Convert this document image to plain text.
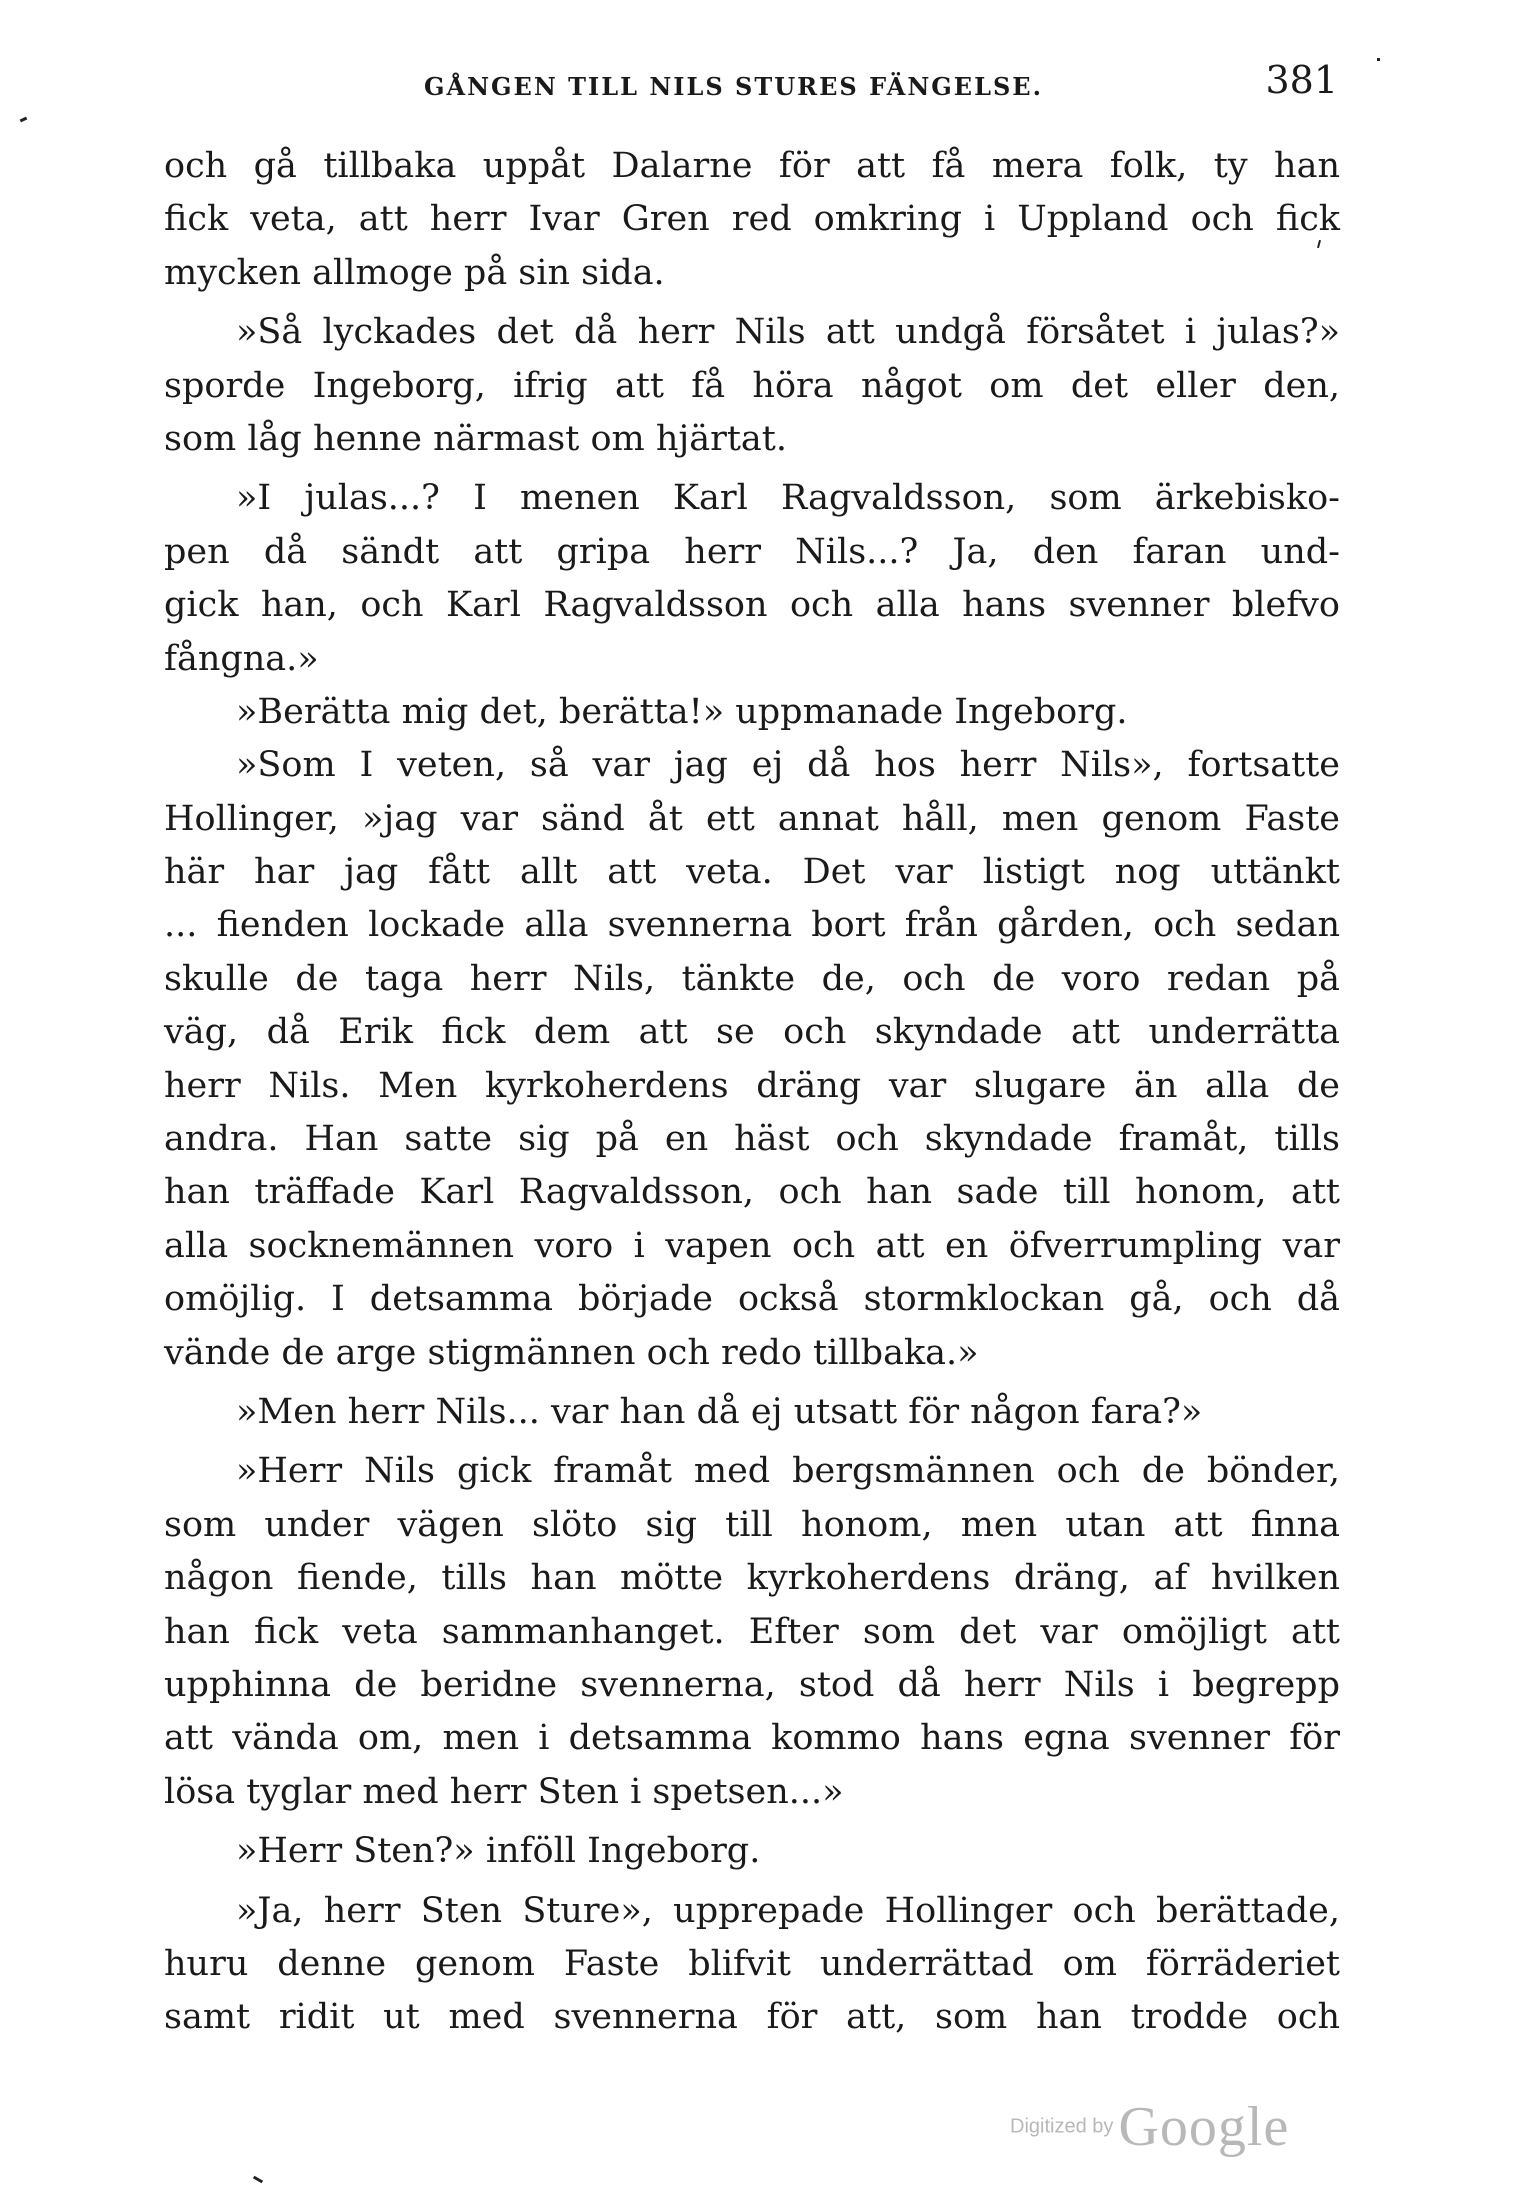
GÅNGEN TILL NILS STURES FÄNGELSE.	381
och gå tillbaka uppåt Dalarne för att få mera folk, ty han
fick veta, att herr Ivar Gren red omkring i Uppland och fick
mycken allmoge på sin sida.
»Så lyckades det då herr Nils att undgå försåtet i julas?»
sporde Ingeborg, ifrig att få höra något om det eller den,
som låg henne närmast om hjärtat.
»I julas...? I menen Karl Ragvaldsson, som ärkebisko-
pen då sändt att gripa herr Nils...? Ja, den faran und-
gick han, och Karl Ragvaldsson och alla hans svenner blefvo
fångna.»
»Berätta mig det, berätta!» uppmanade Ingeborg.
»Som I veten, så var jag ej då hos herr Nils», fortsatte
Hollinger, »jag var sänd åt ett annat håll, men genom Faste
här har jag fått allt att veta. Det var listigt nog uttänkt
... fienden lockade alla svennerna bort från gården, och sedan
skulle de taga herr Nils, tänkte de, och de voro redan på
väg, då Erik fick dem att se och skyndade att underrätta
herr Nils. Men kyrkoherdens dräng var slugare än alla de
andra. Han satte sig på en häst och skyndade framåt, tills
han träffade Karl Ragvaldsson, och han sade till honom, att
alla socknemännen voro i vapen och att en öfverrumpling var
omöjlig. I detsamma började också stormklockan gå, och då
vände de arge stigmännen och redo tillbaka.»
»Men herr Nils... var han då ej utsatt för någon fara?»
»Herr Nils gick framåt med bergsmännen och de bönder,
som under vägen slöto sig till honom, men utan att finna
någon fiende, tills han mötte kyrkoherdens dräng, af hvilken
han fick veta sammanhanget. Efter som det var omöjligt att
upphinna de beridne svennerna, stod då herr Nils i begrepp
att vända om, men i detsamma kommo hans egna svenner för
lösa tyglar med herr Sten i spetsen...»
»Herr Sten?» inföll Ingeborg.
»Ja, herr Sten Sture», upprepade Hollinger och berättade,
huru denne genom Faste blifvit underrättad om förräderiet
samt ridit ut med svennerna för att, som han trodde och
Digitized by Google
